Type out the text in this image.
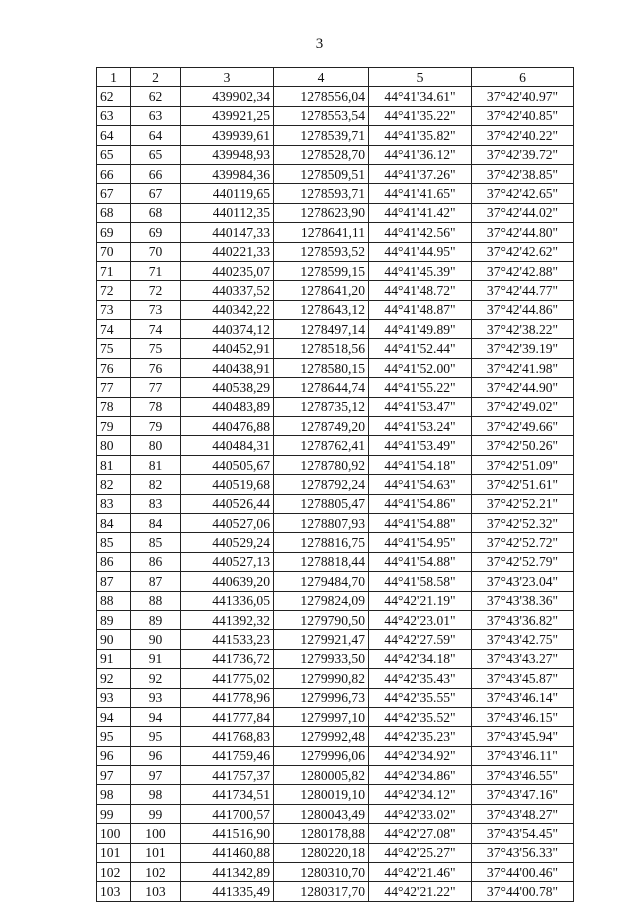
3
1	2	3	4	5	6
62	62	439902,34	1278556,04	44°41'34.61"	37°42'40.97"
63	63	439921,25	1278553,54	44°41'35.22"	37°42'40.85"
64	64	439939,61	1278539,71	44°41'35.82"	37°42'40.22"
65	65	439948,93	1278528,70	44°41'36.12"	37°42'39.72"
66	66	439984,36	1278509,51	44°41'37.26"	37°42'38.85"
67	67	440119,65	1278593,71	44°41'41.65"	37°42'42.65"
68	68	440112,35	1278623,90	44°41'41.42"	37°42'44.02"
69	69	440147,33	1278641,11	44°41'42.56"	37°42'44.80"
70	70	440221,33	1278593,52	44°41'44.95"	37°42'42.62"
71	71	440235,07	1278599,15	44°41'45.39"	37°42'42.88"
72	72	440337,52	1278641,20	44°41'48.72"	37°42'44.77"
73	73	440342,22	1278643,12	44°41'48.87"	37°42'44.86"
74	74	440374,12	1278497,14	44°41'49.89"	37°42'38.22"
75	75	440452,91	1278518,56	44°41'52.44"	37°42'39.19"
76	76	440438,91	1278580,15	44°41'52.00"	37°42'41.98"
77	77	440538,29	1278644,74	44°41'55.22"	37°42'44.90"
78	78	440483,89	1278735,12	44°41'53.47"	37°42'49.02"
79	79	440476,88	1278749,20	44°41'53.24"	37°42'49.66"
80	80	440484,31	1278762,41	44°41'53.49"	37°42'50.26"
81	81	440505,67	1278780,92	44°41'54.18"	37°42'51.09"
82	82	440519,68	1278792,24	44°41'54.63"	37°42'51.61"
83	83	440526,44	1278805,47	44°41'54.86"	37°42'52.21"
84	84	440527,06	1278807,93	44°41'54.88"	37°42'52.32"
85	85	440529,24	1278816,75	44°41'54.95"	37°42'52.72"
86	86	440527,13	1278818,44	44°41'54.88"	37°42'52.79"
87	87	440639,20	1279484,70	44°41'58.58"	37°43'23.04"
88	88	441336,05	1279824,09	44°42'21.19"	37°43'38.36"
89	89	441392,32	1279790,50	44°42'23.01"	37°43'36.82"
90	90	441533,23	1279921,47	44°42'27.59"	37°43'42.75"
91	91	441736,72	1279933,50	44°42'34.18"	37°43'43.27"
92	92	441775,02	1279990,82	44°42'35.43"	37°43'45.87"
93	93	441778,96	1279996,73	44°42'35.55"	37°43'46.14"
94	94	441777,84	1279997,10	44°42'35.52"	37°43'46.15"
95	95	441768,83	1279992,48	44°42'35.23"	37°43'45.94"
96	96	441759,46	1279996,06	44°42'34.92"	37°43'46.11"
97	97	441757,37	1280005,82	44°42'34.86"	37°43'46.55"
98	98	441734,51	1280019,10	44°42'34.12"	37°43'47.16"
99	99	441700,57	1280043,49	44°42'33.02"	37°43'48.27"
100	100	441516,90	1280178,88	44°42'27.08"	37°43'54.45"
101	101	441460,88	1280220,18	44°42'25.27"	37°43'56.33"
102	102	441342,89	1280310,70	44°42'21.46"	37°44'00.46"
103	103	441335,49	1280317,70	44°42'21.22"	37°44'00.78"
